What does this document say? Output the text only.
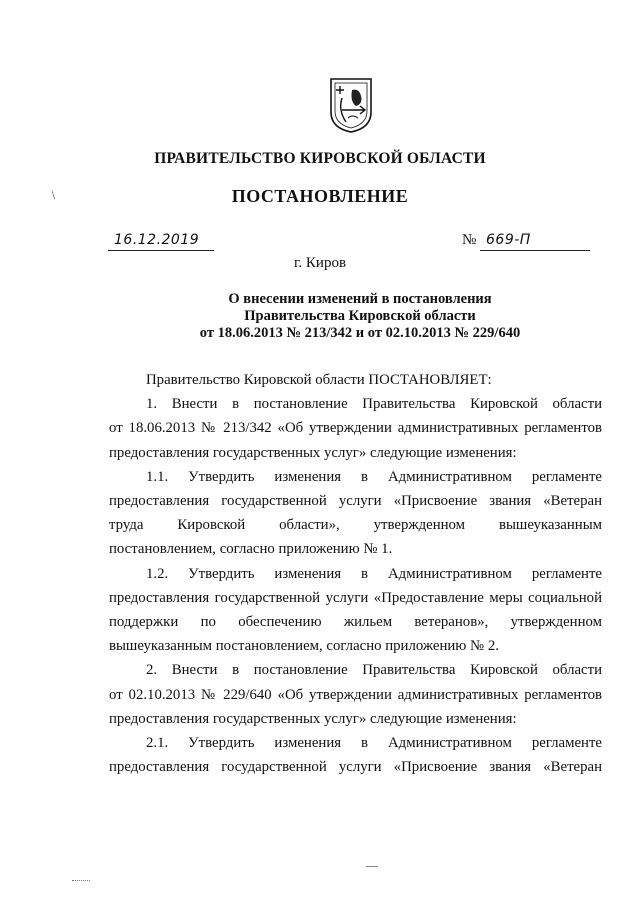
ПРАВИТЕЛЬСТВО КИРОВСКОЙ ОБЛАСТИ
ПОСТАНОВЛЕНИЕ
/
16.12.2019	№ 669-П
г. Киров
О внесении изменений в постановления
Правительства Кировской области
от 18.06.2013 № 213/342 и от 02.10.2013 № 229/640
Правительство Кировской области ПОСТАНОВЛЯЕТ:
1. Внести в постановление Правительства Кировской области
от 18.06.2013 № 213/342 «Об утверждении административных регламентов
предоставления государственных услуг» следующие изменения:
1.1. Утвердить изменения в Административном регламенте
предоставления государственной услуги «Присвоение звания «Ветеран
труда Кировской области», утвержденном вышеуказанным
постановлением, согласно приложению № 1.
1.2. Утвердить изменения в Административном регламенте
предоставления государственной услуги «Предоставление меры социальной
поддержки по обеспечению жильем ветеранов», утвержденном
вышеуказанным постановлением, согласно приложению № 2.
2. Внести в постановление Правительства Кировской области
от 02.10.2013 № 229/640 «Об утверждении административных регламентов
предоставления государственных услуг» следующие изменения:
2.1. Утвердить изменения в Административном регламенте
предоставления государственной услуги «Присвоение звания «Ветеран
